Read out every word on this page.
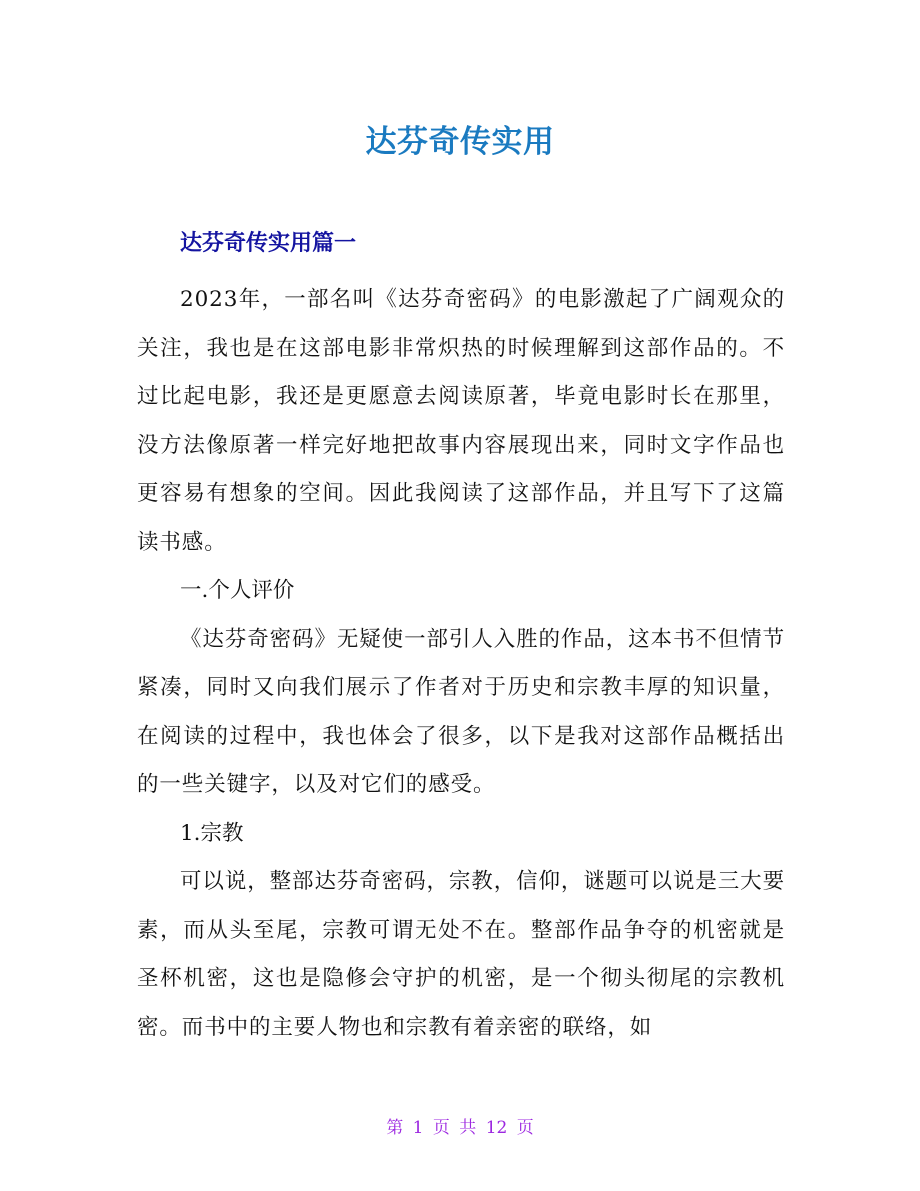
达芬奇传实用
达芬奇传实用篇一

2023年，一部名叫《达芬奇密码》的电影激起了广阔观众的关注，我也是在这部电影非常炽热的时候理解到这部作品的。不过比起电影，我还是更愿意去阅读原著，毕竟电影时长在那里，没方法像原著一样完好地把故事内容展现出来，同时文字作品也更容易有想象的空间。因此我阅读了这部作品，并且写下了这篇读书感。

一.个人评价

《达芬奇密码》无疑使一部引人入胜的作品，这本书不但情节紧凑，同时又向我们展示了作者对于历史和宗教丰厚的知识量，在阅读的过程中，我也体会了很多，以下是我对这部作品概括出的一些关键字，以及对它们的感受。

1.宗教

可以说，整部达芬奇密码，宗教，信仰，谜题可以说是三大要素，而从头至尾，宗教可谓无处不在。整部作品争夺的机密就是圣杯机密，这也是隐修会守护的机密，是一个彻头彻尾的宗教机密。而书中的主要人物也和宗教有着亲密的联络，如

第 1 页 共 12 页
